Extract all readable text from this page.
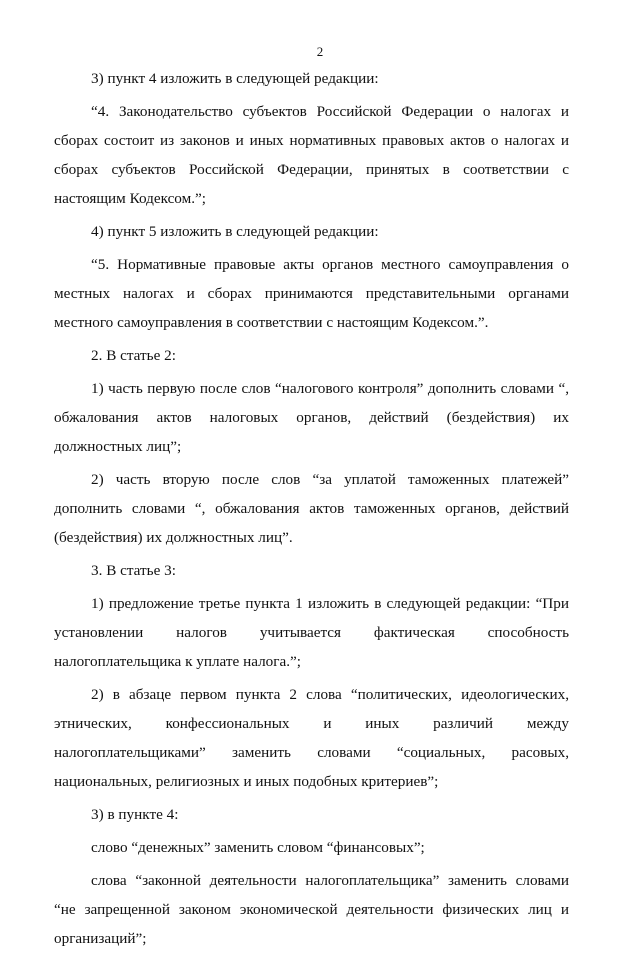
2

3) пункт 4 изложить в следующей редакции:

“4. Законодательство субъектов Российской Федерации о налогах и сборах состоит из законов и иных нормативных правовых актов о налогах и сборах субъектов Российской Федерации, принятых в соответствии с настоящим Кодексом.”;

4) пункт 5 изложить в следующей редакции:

“5. Нормативные правовые акты органов местного самоуправления о местных налогах и сборах принимаются представительными органами местного самоуправления в соответствии с настоящим Кодексом.”.

2. В статье 2:

1) часть первую после слов “налогового контроля” дополнить словами “, обжалования актов налоговых органов, действий (бездействия) их должностных лиц”;

2) часть вторую после слов “за уплатой таможенных платежей” дополнить словами “, обжалования актов таможенных органов, действий (бездействия) их должностных лиц”.

3. В статье 3:

1) предложение третье пункта 1 изложить в следующей редакции: “При установлении налогов учитывается фактическая способность налогоплательщика к уплате налога.”;

2) в абзаце первом пункта 2 слова “политических, идеологических, этнических, конфессиональных и иных различий между налогоплательщиками” заменить словами “социальных, расовых, национальных, религиозных и иных подобных критериев”;

3) в пункте 4:

слово “денежных” заменить словом “финансовых”;

слова “законной деятельности налогоплательщика” заменить словами “не запрещенной законом экономической деятельности физических лиц и организаций”;
